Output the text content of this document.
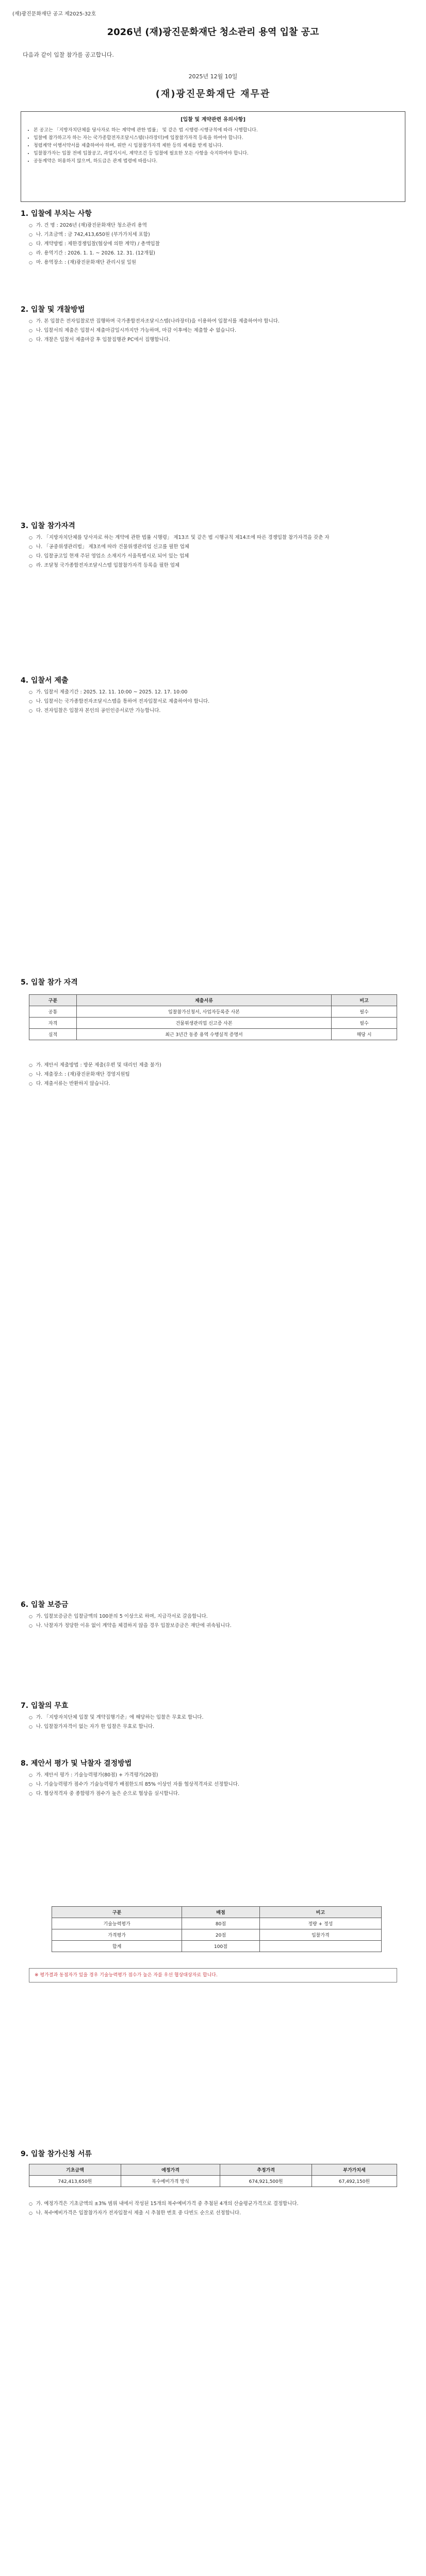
(재)광진문화재단 공고 제2025-32호
2026년 (재)광진문화재단 청소관리 용역 입찰 공고
다음과 같이 입찰 참가를 공고합니다.
2025년 12월 10일
(재)광진문화재단 재무관
[입찰 및 계약관련 유의사항]
• 본 공고는 「지방자치단체를 당사자로 하는 계약에 관한 법률」 및 같은 법 시행령·시행규칙에 따라 시행합니다.
• 입찰에 참가하고자 하는 자는 국가종합전자조달시스템(나라장터)에 입찰참가자격 등록을 하여야 합니다.
• 청렴계약 이행서약서를 제출하여야 하며, 위반 시 입찰참가자격 제한 등의 제재를 받게 됩니다.
• 입찰참가자는 입찰 전에 입찰공고, 과업지시서, 계약조건 등 입찰에 필요한 모든 사항을 숙지하여야 합니다.
• 공동계약은 허용하지 않으며, 하도급은 관계 법령에 따릅니다.
1. 입찰에 부치는 사항
○ 가. 건 명 : 2026년 (재)광진문화재단 청소관리 용역
○ 나. 기초금액 : 금 742,413,650원 (부가가치세 포함)
○ 다. 계약방법 : 제한경쟁입찰(협상에 의한 계약) / 총액입찰
○ 라. 용역기간 : 2026. 1. 1. ~ 2026. 12. 31. (12개월)
○ 마. 용역장소 : (재)광진문화재단 관리시설 일원
2. 입찰 및 개찰방법
○ 가. 본 입찰은 전자입찰로만 집행하며 국가종합전자조달시스템(나라장터)을 이용하여 입찰서를 제출하여야 합니다.
○ 나. 입찰서의 제출은 입찰서 제출마감일시까지만 가능하며, 마감 이후에는 제출할 수 없습니다.
○ 다. 개찰은 입찰서 제출마감 후 입찰집행관 PC에서 집행합니다.
3. 입찰 참가자격
○ 가. 「지방자치단체를 당사자로 하는 계약에 관한 법률 시행령」 제13조 및 같은 법 시행규칙 제14조에 따른 경쟁입찰 참가자격을 갖춘 자
○ 나. 「공중위생관리법」 제3조에 따라 건물위생관리업 신고를 필한 업체
○ 다. 입찰공고일 현재 주된 영업소 소재지가 서울특별시로 되어 있는 업체
○ 라. 조달청 국가종합전자조달시스템 입찰참가자격 등록을 필한 업체
4. 입찰서 제출
○ 가. 입찰서 제출기간 : 2025. 12. 11. 10:00 ~ 2025. 12. 17. 10:00
○ 나. 입찰서는 국가종합전자조달시스템을 통하여 전자입찰서로 제출하여야 합니다.
○ 다. 전자입찰은 입찰자 본인의 공인인증서로만 가능합니다.
5. 입찰 참가 자격
구분	제출서류	비고
공통	입찰참가신청서, 사업자등록증 사본	필수
자격	건물위생관리업 신고증 사본	필수
실적	최근 3년간 동종 용역 수행실적 증명서	해당 시
○ 가. 제안서 제출방법 : 방문 제출(우편 및 대리인 제출 불가)
○ 나. 제출장소 : (재)광진문화재단 경영지원팀
○ 다. 제출서류는 반환하지 않습니다.
6. 입찰 보증금
○ 가. 입찰보증금은 입찰금액의 100분의 5 이상으로 하며, 지급각서로 갈음합니다.
○ 나. 낙찰자가 정당한 이유 없이 계약을 체결하지 않을 경우 입찰보증금은 재단에 귀속됩니다.
7. 입찰의 무효
○ 가. 「지방자치단체 입찰 및 계약집행기준」에 해당하는 입찰은 무효로 합니다.
○ 나. 입찰참가자격이 없는 자가 한 입찰은 무효로 합니다.
8. 제안서 평가 및 낙찰자 결정방법
○ 가. 제안서 평가 : 기술능력평가(80점) + 가격평가(20점)
○ 나. 기술능력평가 점수가 기술능력평가 배점한도의 85% 이상인 자를 협상적격자로 선정합니다.
○ 다. 협상적격자 중 종합평가 점수가 높은 순으로 협상을 실시합니다.
구분	배점	비고
기술능력평가	80점	정량 + 정성
가격평가	20점	입찰가격
합계	100점	
※ 평가결과 동점자가 있을 경우 기술능력평가 점수가 높은 자를 우선 협상대상자로 합니다.
9. 입찰 참가신청 서류
기초금액	예정가격	추정가격	부가가치세
742,413,650원	복수예비가격 방식	674,921,500원	67,492,150원
○ 가. 예정가격은 기초금액의 ±3% 범위 내에서 작성된 15개의 복수예비가격 중 추첨된 4개의 산술평균가격으로 결정합니다.
○ 나. 복수예비가격은 입찰참가자가 전자입찰서 제출 시 추첨한 번호 중 다빈도 순으로 선정합니다.
